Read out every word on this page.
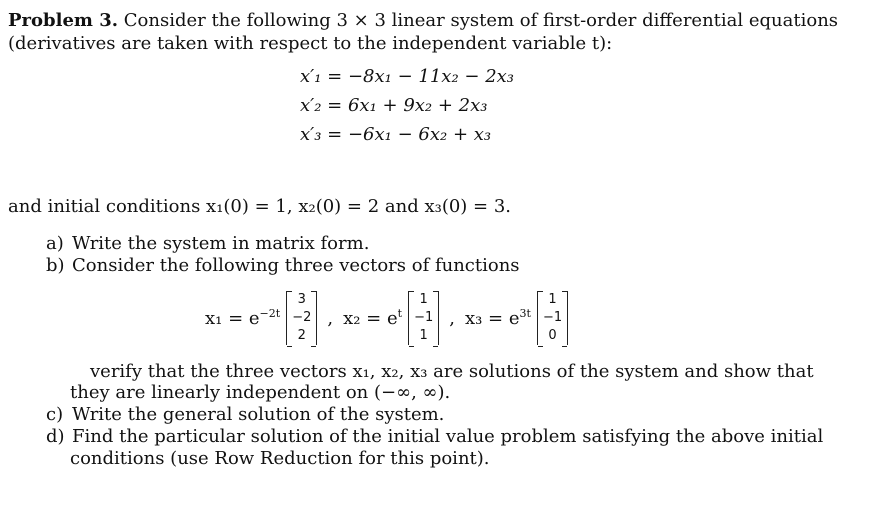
Problem 3. Consider the following 3 × 3 linear system of first-order differential equations
(derivatives are taken with respect to the independent variable t):
x′₁ = −8x₁ − 11x₂ − 2x₃
x′₂ = 6x₁ + 9x₂ + 2x₃
x′₃ = −6x₁ − 6x₂ + x₃
and initial conditions x₁(0) = 1, x₂(0) = 2 and x₃(0) = 3.
a) Write the system in matrix form.
b) Consider the following three vectors of functions
$x_1 = e^{-2t}$
3
−2
2
, $x_2 = e^t$
1
−1
1
, $x_3 = e^{3t}$
1
−1
0
verify that the three vectors x₁, x₂, x₃ are solutions of the system and show that
they are linearly independent on (−∞, ∞).
c) Write the general solution of the system.
d) Find the particular solution of the initial value problem satisfying the above initial
conditions (use Row Reduction for this point).
